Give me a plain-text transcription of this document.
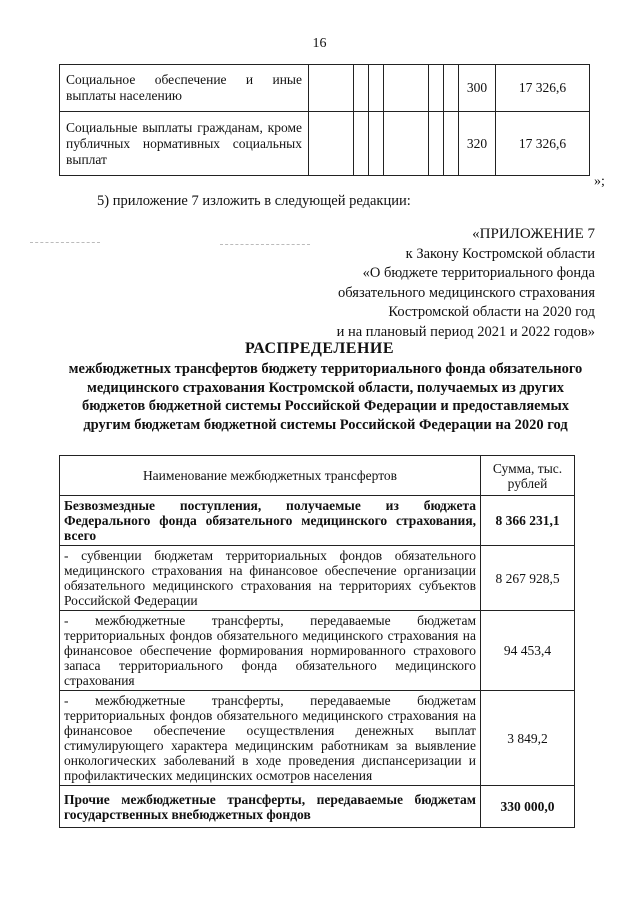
16
Социальное обеспечение и иные выплаты населению							300	17 326,6
Социальные выплаты гражданам, кроме публичных нормативных социальных выплат							320	17 326,6
»;
5) приложение 7 изложить в следующей редакции:
«ПРИЛОЖЕНИЕ 7
к Закону Костромской области
«О бюджете территориального фонда
обязательного медицинского страхования
Костромской области на 2020 год
и на плановый период 2021 и 2022 годов»
РАСПРЕДЕЛЕНИЕ
межбюджетных трансфертов бюджету территориального фонда обязательного медицинского страхования Костромской области, получаемых из других бюджетов бюджетной системы Российской Федерации и предоставляемых другим бюджетам бюджетной системы Российской Федерации на 2020 год
Наименование межбюджетных трансфертов	Сумма, тыс. рублей
Безвозмездные поступления, получаемые из бюджета Федерального фонда обязательного медицинского страхования, всего	8 366 231,1
- субвенции бюджетам территориальных фондов обязательного медицинского страхования на финансовое обеспечение организации обязательного медицинского страхования на территориях субъектов Российской Федерации	8 267 928,5
- межбюджетные трансферты, передаваемые бюджетам территориальных фондов обязательного медицинского страхования на финансовое обеспечение формирования нормированного страхового запаса территориального фонда обязательного медицинского страхования	94 453,4
- межбюджетные трансферты, передаваемые бюджетам территориальных фондов обязательного медицинского страхования на финансовое обеспечение осуществления денежных выплат стимулирующего характера медицинским работникам за выявление онкологических заболеваний в ходе проведения диспансеризации и профилактических медицинских осмотров населения	3 849,2
Прочие межбюджетные трансферты, передаваемые бюджетам государственных внебюджетных фондов	330 000,0
